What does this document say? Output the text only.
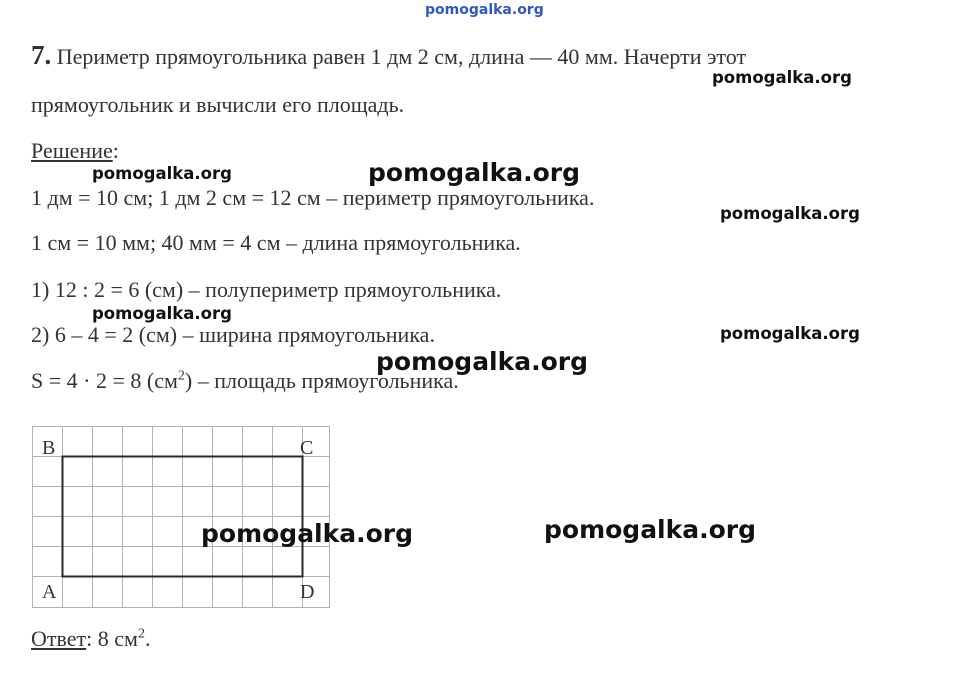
pomogalka.org
7. Периметр прямоугольника равен 1 дм 2 см, длина — 40 мм. Начерти этот
прямоугольник и вычисли его площадь.
Решение:
1 дм = 10 см; 1 дм 2 см = 12 см – периметр прямоугольника.
1 см = 10 мм; 40 мм = 4 см – длина прямоугольника.
1) 12 : 2 = 6 (см) – полупериметр прямоугольника.
2) 6 – 4 = 2 (см) – ширина прямоугольника.
S = 4 · 2 = 8 $(см^2)$ – площадь прямоугольника.
B	C
A	D
Ответ: 8 $см^2$.
pomogalka.org
pomogalka.org	pomogalka.org
pomogalka.org
pomogalka.org
pomogalka.org
pomogalka.org
pomogalka.org	pomogalka.org
